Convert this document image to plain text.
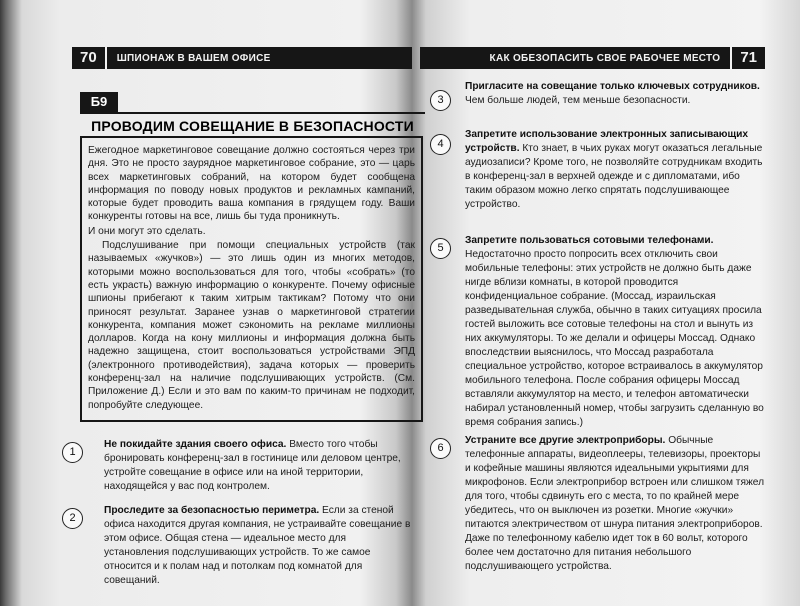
70	ШПИОНАЖ В ВАШЕМ ОФИСЕ
Б9
ПРОВОДИМ СОВЕЩАНИЕ В БЕЗОПАСНОСТИ

Ежегодное маркетинговое совещание должно состояться через три дня. Это не просто заурядное маркетинговое собрание, это — царь всех маркетинговых собраний, на котором будет сообщена информация по поводу новых продуктов и рекламных кампаний, которые будет проводить ваша компания в грядущем году. Ваши конкуренты готовы на все, лишь бы туда проникнуть.

И они могут это сделать.

Подслушивание при помощи специальных устройств (так называемых «жучков») — это лишь один из многих методов, которыми можно воспользоваться для того, чтобы «собрать» (то есть украсть) важную информацию о конкуренте. Почему офисные шпионы прибегают к таким хитрым тактикам? Потому что они приносят результат. Заранее узнав о маркетинговой стратегии конкурента, компания может сэкономить на рекламе миллионы долларов. Когда на кону миллионы и информация должна быть надежно защищена, стоит воспользоваться устройствами ЭПД (электронного противодействия), задача которых — проверить конференц-зал на наличие подслушивающих устройств. (См. Приложение Д.) Если и это вам по каким-то причинам не подходит, попробуйте следующее.

1

Не покидайте здания своего офиса. Вместо того чтобы бронировать конференц-зал в гостинице или деловом центре, устройте совещание в офисе или на иной территории, находящейся у вас под контролем.

2

Проследите за безопасностью периметра. Если за стеной офиса находится другая компания, не устраивайте совещание в этом офисе. Общая стена — идеальное место для установления подслушивающих устройств. То же самое относится и к полам над и потолкам под комнатой для совещаний.

КАК ОБЕЗОПАСИТЬ СВОЕ РАБОЧЕЕ МЕСТО	71
3

Пригласите на совещание только ключевых сотрудников. Чем больше людей, тем меньше безопасности.

4

Запретите использование электронных записывающих устройств. Кто знает, в чьих руках могут оказаться легальные аудиозаписи? Кроме того, не позволяйте сотрудникам входить в конференц-зал в верхней одежде и с дипломатами, ибо таким образом можно легко спрятать подслушивающее устройство.

5

Запретите пользоваться сотовыми телефонами. Недостаточно просто попросить всех отключить свои мобильные телефоны: этих устройств не должно быть даже нигде вблизи комнаты, в которой проводится конфиденциальное собрание. (Моссад, израильская разведывательная служба, обычно в таких ситуациях просила гостей выложить все сотовые телефоны на стол и вынуть из них аккумуляторы. То же делали и офицеры Моссад. Однако впоследствии выяснилось, что Моссад разработала специальное устройство, которое встраивалось в аккумулятор мобильного телефона. После собрания офицеры Моссад вставляли аккумулятор на место, и телефон автоматически набирал установленный номер, чтобы загрузить сделанную во время собрания запись.)

6

Устраните все другие электроприборы. Обычные телефонные аппараты, видеоплееры, телевизоры, проекторы и кофейные машины являются идеальными укрытиями для микрофонов. Если электроприбор встроен или слишком тяжел для того, чтобы сдвинуть его с места, то по крайней мере убедитесь, что он выключен из розетки. Многие «жучки» питаются электричеством от шнура питания электроприборов. Даже по телефонному кабелю идет ток в 60 вольт, которого более чем достаточно для питания небольшого подслушивающего устройства.
